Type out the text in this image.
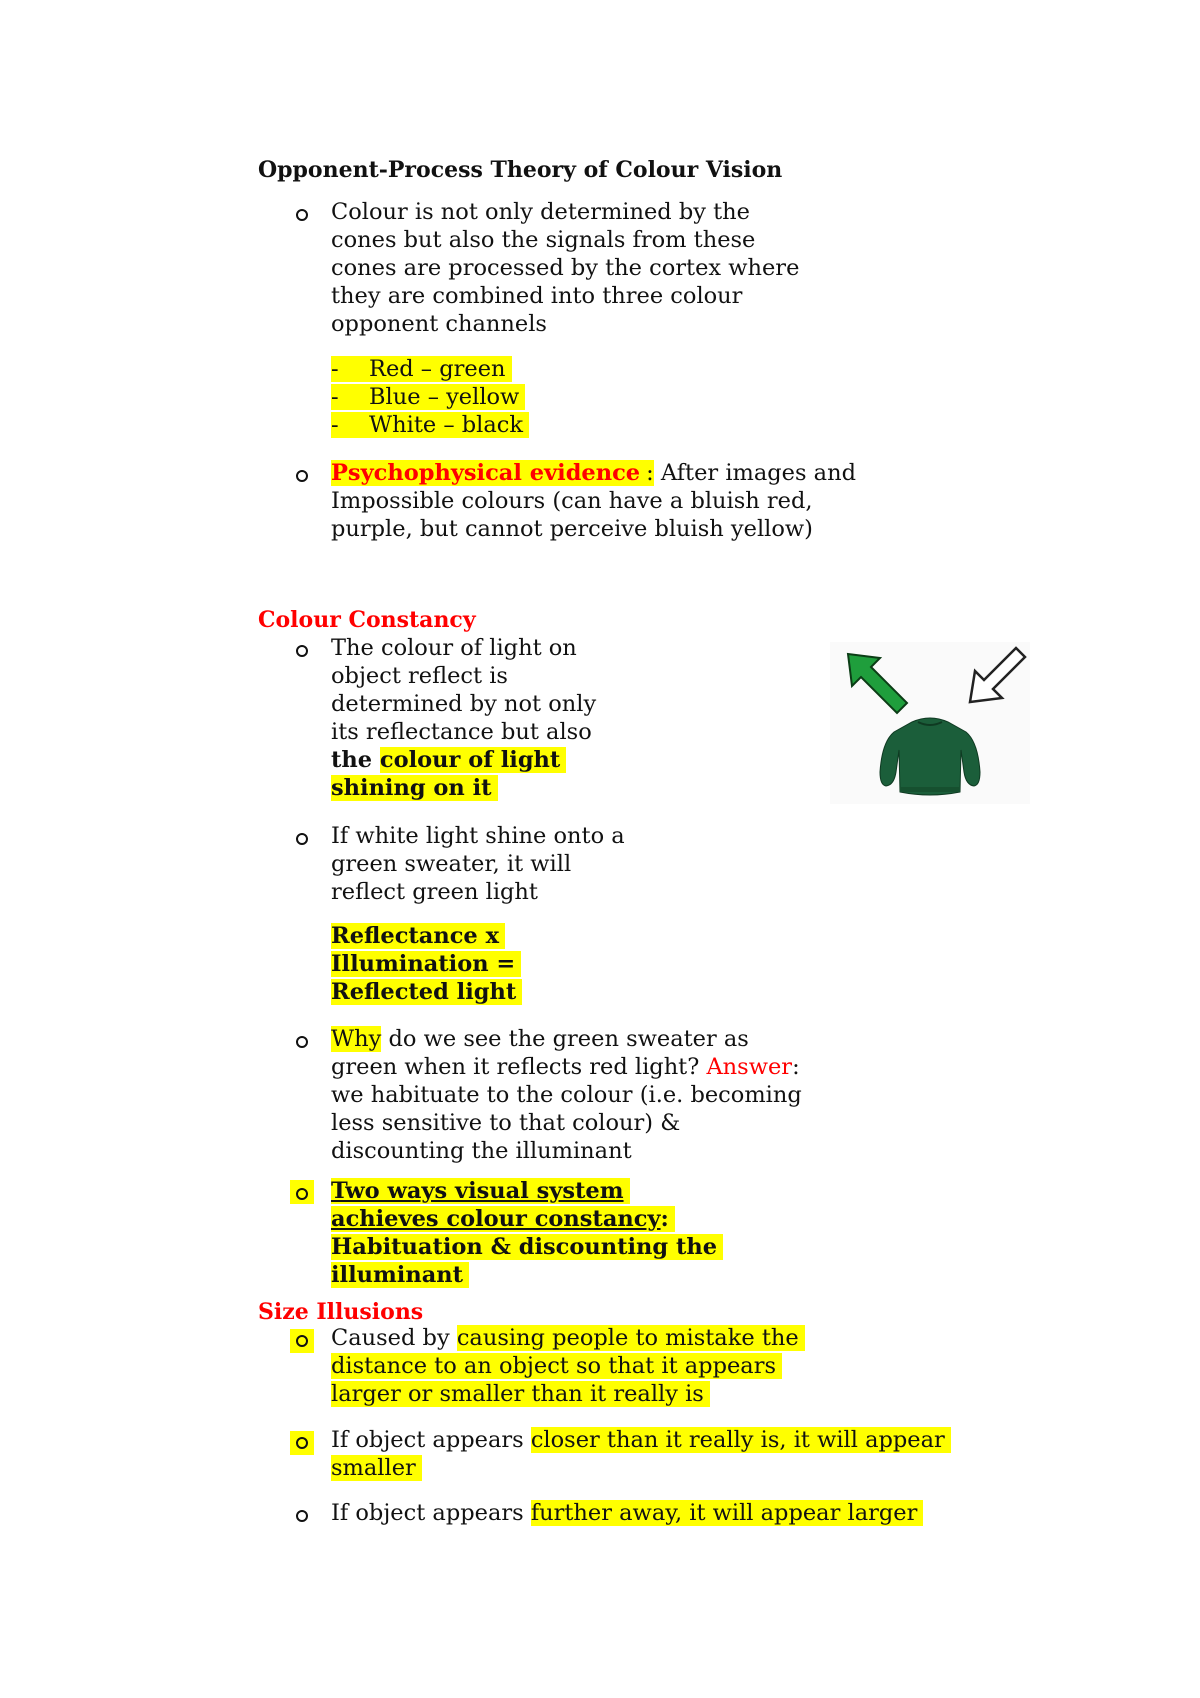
Opponent-Process Theory of Colour Vision
Colour is not only determined by the
cones but also the signals from these
cones are processed by the cortex where
they are combined into three colour
opponent channels
- Red – green
- Blue – yellow
- White – black
Psychophysical evidence : After images and
Impossible colours (can have a bluish red,
purple, but cannot perceive bluish yellow)
Colour Constancy
The colour of light on
object reflect is
determined by not only
its reflectance but also
the colour of light
shining on it
If white light shine onto a
green sweater, it will
reflect green light
Reflectance x
Illumination =
Reflected light
Why do we see the green sweater as
green when it reflects red light? Answer:
we habituate to the colour (i.e. becoming
less sensitive to that colour) &
discounting the illuminant
Two ways visual system
achieves colour constancy:
Habituation & discounting the
illuminant
Size Illusions
Caused by causing people to mistake the
distance to an object so that it appears
larger or smaller than it really is
If object appears closer than it really is, it will appear
smaller
If object appears further away, it will appear larger
